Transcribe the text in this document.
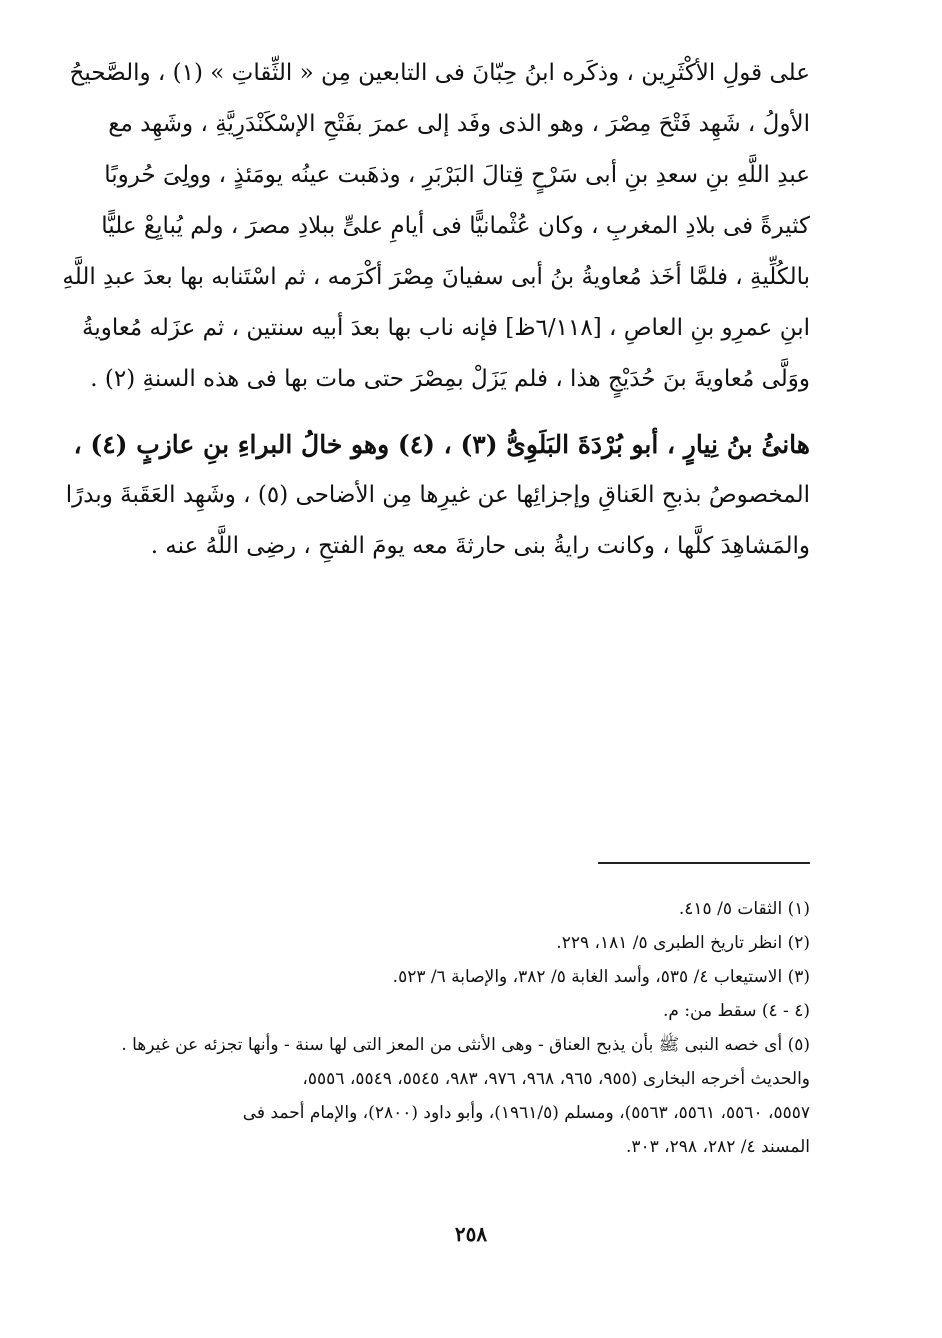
على قولِ الأكْثَرِين ، وذكَره ابنُ حِبّانَ فى التابعين مِن « الثِّقاتِ » (١) ، والصَّحيحُ
الأولُ ، شَهِد فَتْحَ مِصْرَ ، وهو الذى وفَد إلى عمرَ بفَتْحِ الإسْكَنْدَرِيَّةِ ، وشَهِد مع
عبدِ اللَّهِ بنِ سعدِ بنِ أبى سَرْحٍ قِتالَ البَرْبَرِ ، وذهَبت عينُه يومَئذٍ ، وولِىَ حُروبًا
كثيرةً فى بلادِ المغربِ ، وكان عُثْمانيًّا فى أيامِ علىٍّ ببلادِ مصرَ ، ولم يُبايِعْ عليًّا
بالكُلِّيةِ ، فلمَّا أخَذ مُعاويةُ بنُ أبى سفيانَ مِصْرَ أكْرَمه ، ثم اسْتَنابه بها بعدَ عبدِ اللَّهِ
ابنِ عمرِو بنِ العاصِ ، [٦/١١٨ظ] فإنه ناب بها بعدَ أبيه سنتين ، ثم عزَله مُعاويةُ
ووَلَّى مُعاويةَ بنَ حُدَيْجٍ هذا ، فلم يَزَلْ بمِصْرَ حتى مات بها فى هذه السنةِ (٢) .
هانئُ بنُ نِيارٍ ، أبو بُرْدَةَ البَلَوِىُّ (٣) ، (٤) وهو خالُ البراءِ بنِ عازبٍ (٤) ،
المخصوصُ بذبحِ العَناقِ وإجزائِها عن غيرِها مِن الأضاحى (٥) ، وشَهِد العَقَبةَ وبدرًا
والمَشاهِدَ كلَّها ، وكانت رايةُ بنى حارثةَ معه يومَ الفتحِ ، رضِى اللَّهُ عنه .
(١) الثقات ٥/ ٤١٥.
(٢) انظر تاريخ الطبرى ٥/ ١٨١، ٢٢٩.
(٣) الاستيعاب ٤/ ٥٣٥، وأسد الغابة ٥/ ٣٨٢، والإصابة ٦/ ٥٢٣.
(٤ - ٤) سقط من: م.
(٥) أى خصه النبى ﷺ بأن يذبح العناق - وهى الأنثى من المعز التى لها سنة - وأنها تجزئه عن غيرها .
والحديث أخرجه البخارى (٩٥٥، ٩٦٥، ٩٦٨، ٩٧٦، ٩٨٣، ٥٥٤٥، ٥٥٤٩، ٥٥٥٦،
٥٥٥٧، ٥٥٦٠، ٥٥٦١، ٥٥٦٣)، ومسلم (١٩٦١/٥)، وأبو داود (٢٨٠٠)، والإمام أحمد فى
المسند ٤/ ٢٨٢، ٢٩٨، ٣٠٣.
٢٥٨
